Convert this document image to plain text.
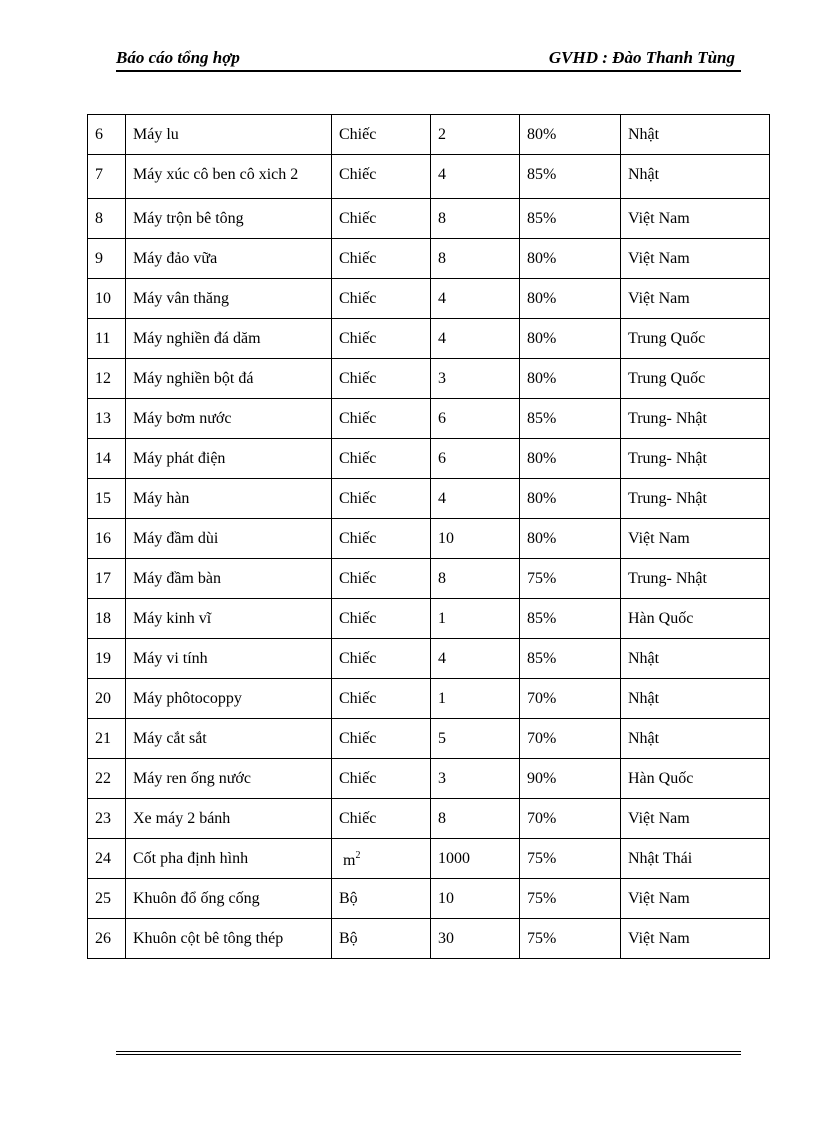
Báo cáo tổng hợp	GVHD : Đào Thanh Tùng
6	Máy lu	Chiếc	2	80%	Nhật
7	Máy xúc cô ben cô xich 2	Chiếc	4	85%	Nhật
8	Máy trộn bê tông	Chiếc	8	85%	Việt Nam
9	Máy đảo vữa	Chiếc	8	80%	Việt Nam
10	Máy vân thăng	Chiếc	4	80%	Việt Nam
11	Máy nghiền đá dăm	Chiếc	4	80%	Trung Quốc
12	Máy nghiền bột đá	Chiếc	3	80%	Trung Quốc
13	Máy bơm nước	Chiếc	6	85%	Trung- Nhật
14	Máy phát điện	Chiếc	6	80%	Trung- Nhật
15	Máy hàn	Chiếc	4	80%	Trung- Nhật
16	Máy đầm dùi	Chiếc	10	80%	Việt Nam
17	Máy đầm bàn	Chiếc	8	75%	Trung- Nhật
18	Máy kinh vĩ	Chiếc	1	85%	Hàn Quốc
19	Máy vi tính	Chiếc	4	85%	Nhật
20	Máy phôtocoppy	Chiếc	1	70%	Nhật
21	Máy cắt sắt	Chiếc	5	70%	Nhật
22	Máy ren ống nước	Chiếc	3	90%	Hàn Quốc
23	Xe máy 2 bánh	Chiếc	8	70%	Việt Nam
24	Cốt pha định hình	$m^2$	1000	75%	Nhật Thái
25	Khuôn đổ ống cống	Bộ	10	75%	Việt Nam
26	Khuôn cột bê tông thép	Bộ	30	75%	Việt Nam
